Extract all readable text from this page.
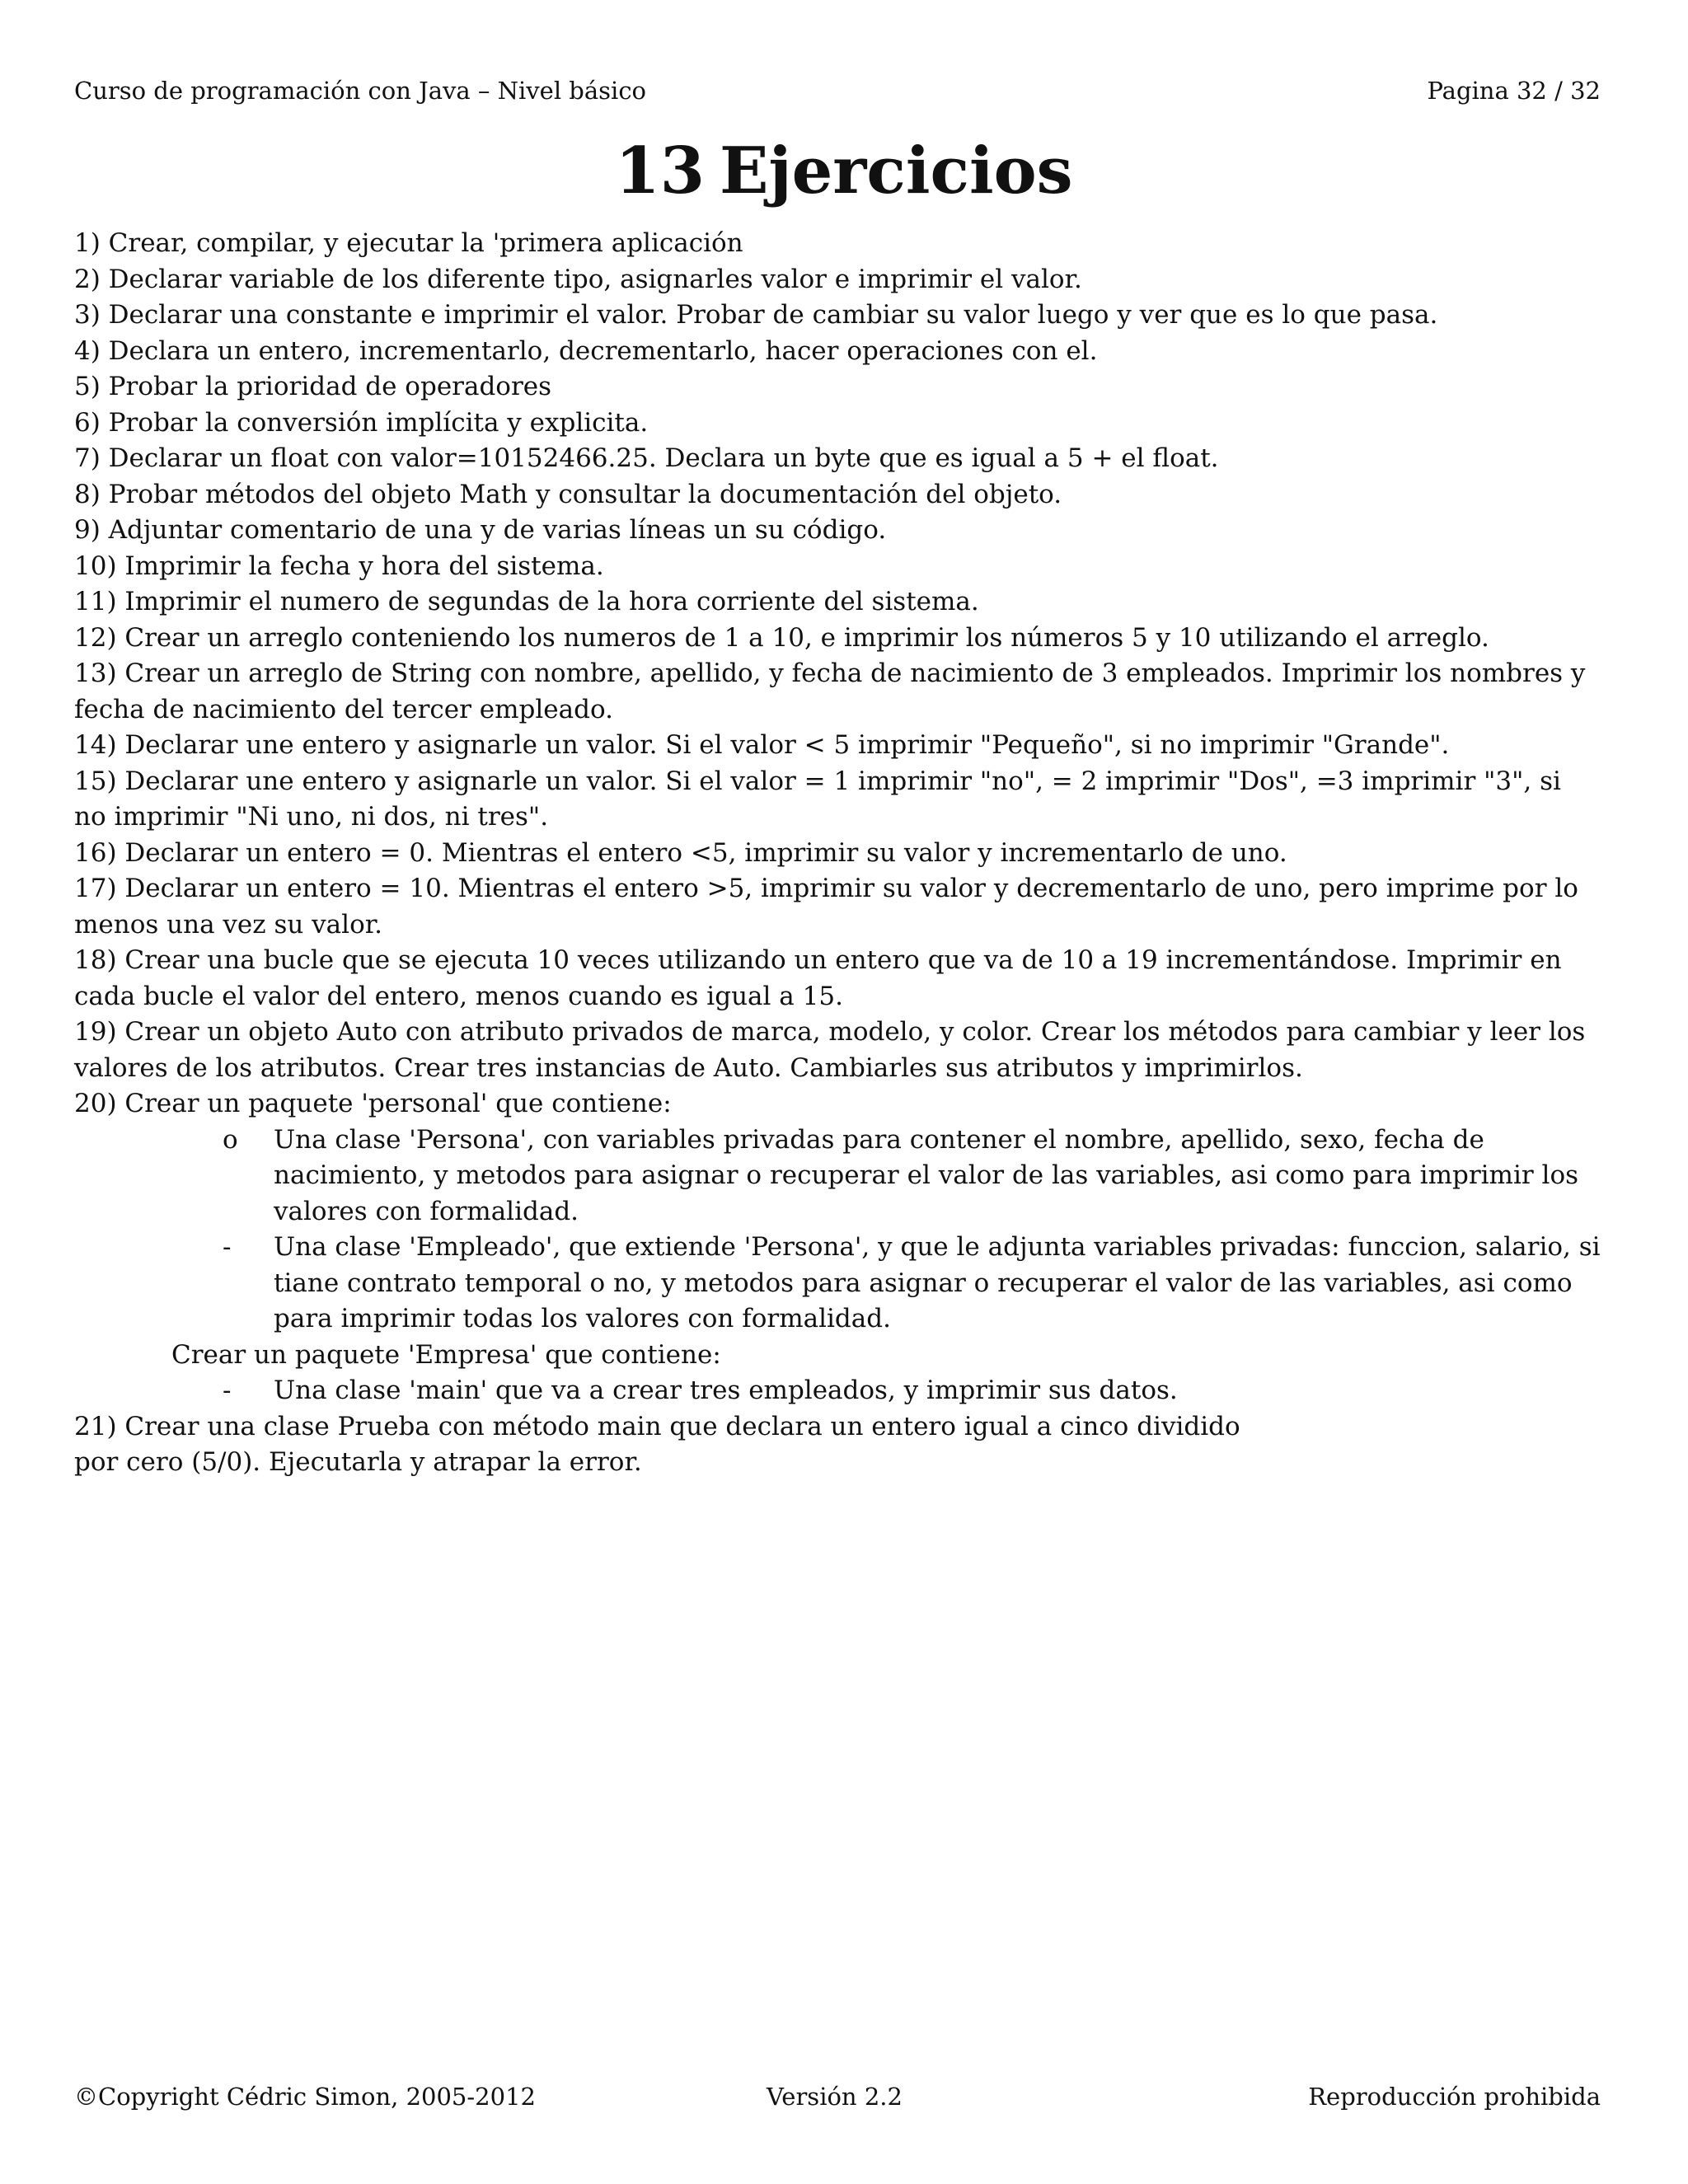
Curso de programación con Java – Nivel básico	Pagina 32 / 32
13 Ejercicios

1) Crear, compilar, y ejecutar la 'primera aplicación

2) Declarar variable de los diferente tipo, asignarles valor e imprimir el valor.

3) Declarar una constante e imprimir el valor. Probar de cambiar su valor luego y ver que es lo que pasa.

4) Declara un entero, incrementarlo, decrementarlo, hacer operaciones con el.

5) Probar la prioridad de operadores

6) Probar la conversión implícita y explicita.

7) Declarar un float con valor=10152466.25. Declara un byte que es igual a 5 + el float.

8) Probar métodos del objeto Math y consultar la documentación del objeto.

9) Adjuntar comentario de una y de varias líneas un su código.

10) Imprimir la fecha y hora del sistema.

11) Imprimir el numero de segundas de la hora corriente del sistema.

12) Crear un arreglo conteniendo los numeros de 1 a 10, e imprimir los números 5 y 10 utilizando el arreglo.

13) Crear un arreglo de String con nombre, apellido, y fecha de nacimiento de 3 empleados. Imprimir los nombres y fecha de nacimiento del tercer empleado.

14) Declarar une entero y asignarle un valor. Si el valor < 5 imprimir "Pequeño", si no imprimir "Grande".

15) Declarar une entero y asignarle un valor. Si el valor = 1 imprimir "no", = 2 imprimir "Dos", =3 imprimir "3", si no imprimir "Ni uno, ni dos, ni tres".

16) Declarar un entero = 0. Mientras el entero <5, imprimir su valor y incrementarlo de uno.

17) Declarar un entero = 10. Mientras el entero >5, imprimir su valor y decrementarlo de uno, pero imprime por lo menos una vez su valor.

18) Crear una bucle que se ejecuta 10 veces utilizando un entero que va de 10 a 19 incrementándose. Imprimir en cada bucle el valor del entero, menos cuando es igual a 15.

19) Crear un objeto Auto con atributo privados de marca, modelo, y color. Crear los métodos para cambiar y leer los valores de los atributos. Crear tres instancias de Auto. Cambiarles sus atributos y imprimirlos.

20) Crear un paquete 'personal' que contiene:

o Una clase 'Persona', con variables privadas para contener el nombre, apellido, sexo, fecha de nacimiento, y metodos para asignar o recuperar el valor de las variables, asi como para imprimir los valores con formalidad.

- Una clase 'Empleado', que extiende 'Persona', y que le adjunta variables privadas: funccion, salario, si tiane contrato temporal o no, y metodos para asignar o recuperar el valor de las variables, asi como para imprimir todas los valores con formalidad.

Crear un paquete 'Empresa' que contiene:

- Una clase 'main' que va a crear tres empleados, y imprimir sus datos.

21) Crear una clase Prueba con método main que declara un entero igual a cinco dividido

por cero (5/0). Ejecutarla y atrapar la error.

©Copyright Cédric Simon, 2005-2012	Versión 2.2	Reproducción prohibida
